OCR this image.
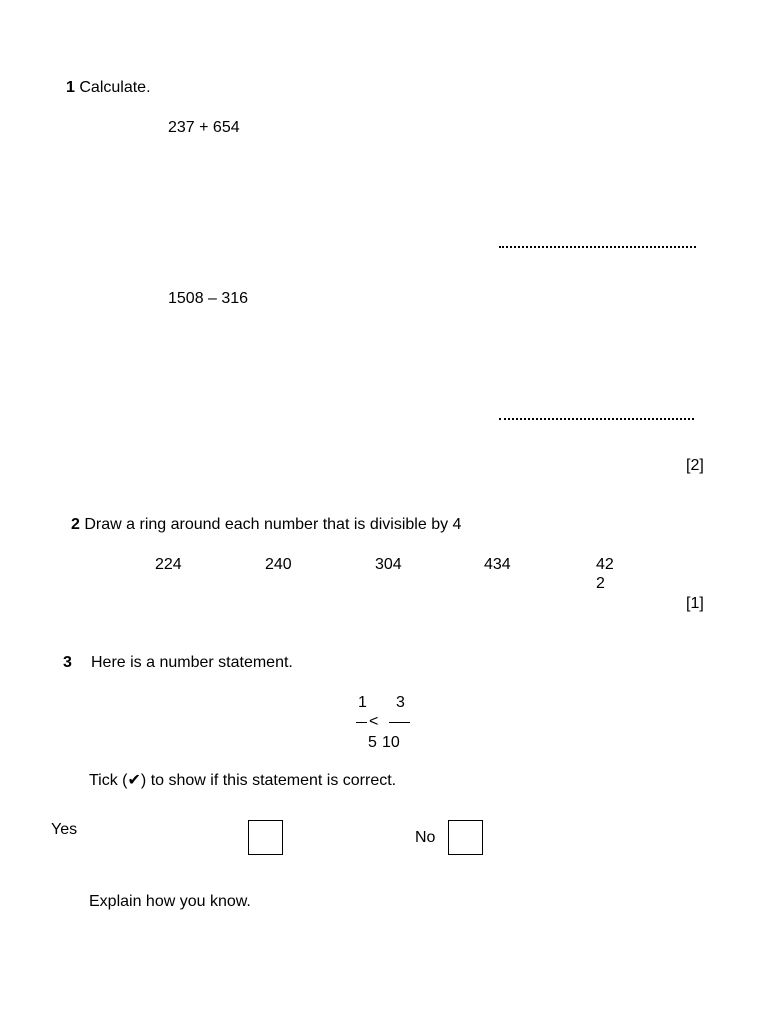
1 Calculate.
237 + 654
1508 – 316
[2]
2 Draw a ring around each number that is divisible by 4
224	240	304	434	42
2
[1]
3 Here is a number statement.
1
<
3
5 10
Tick (✔) to show if this statement is correct.
Yes	No
Explain how you know.
